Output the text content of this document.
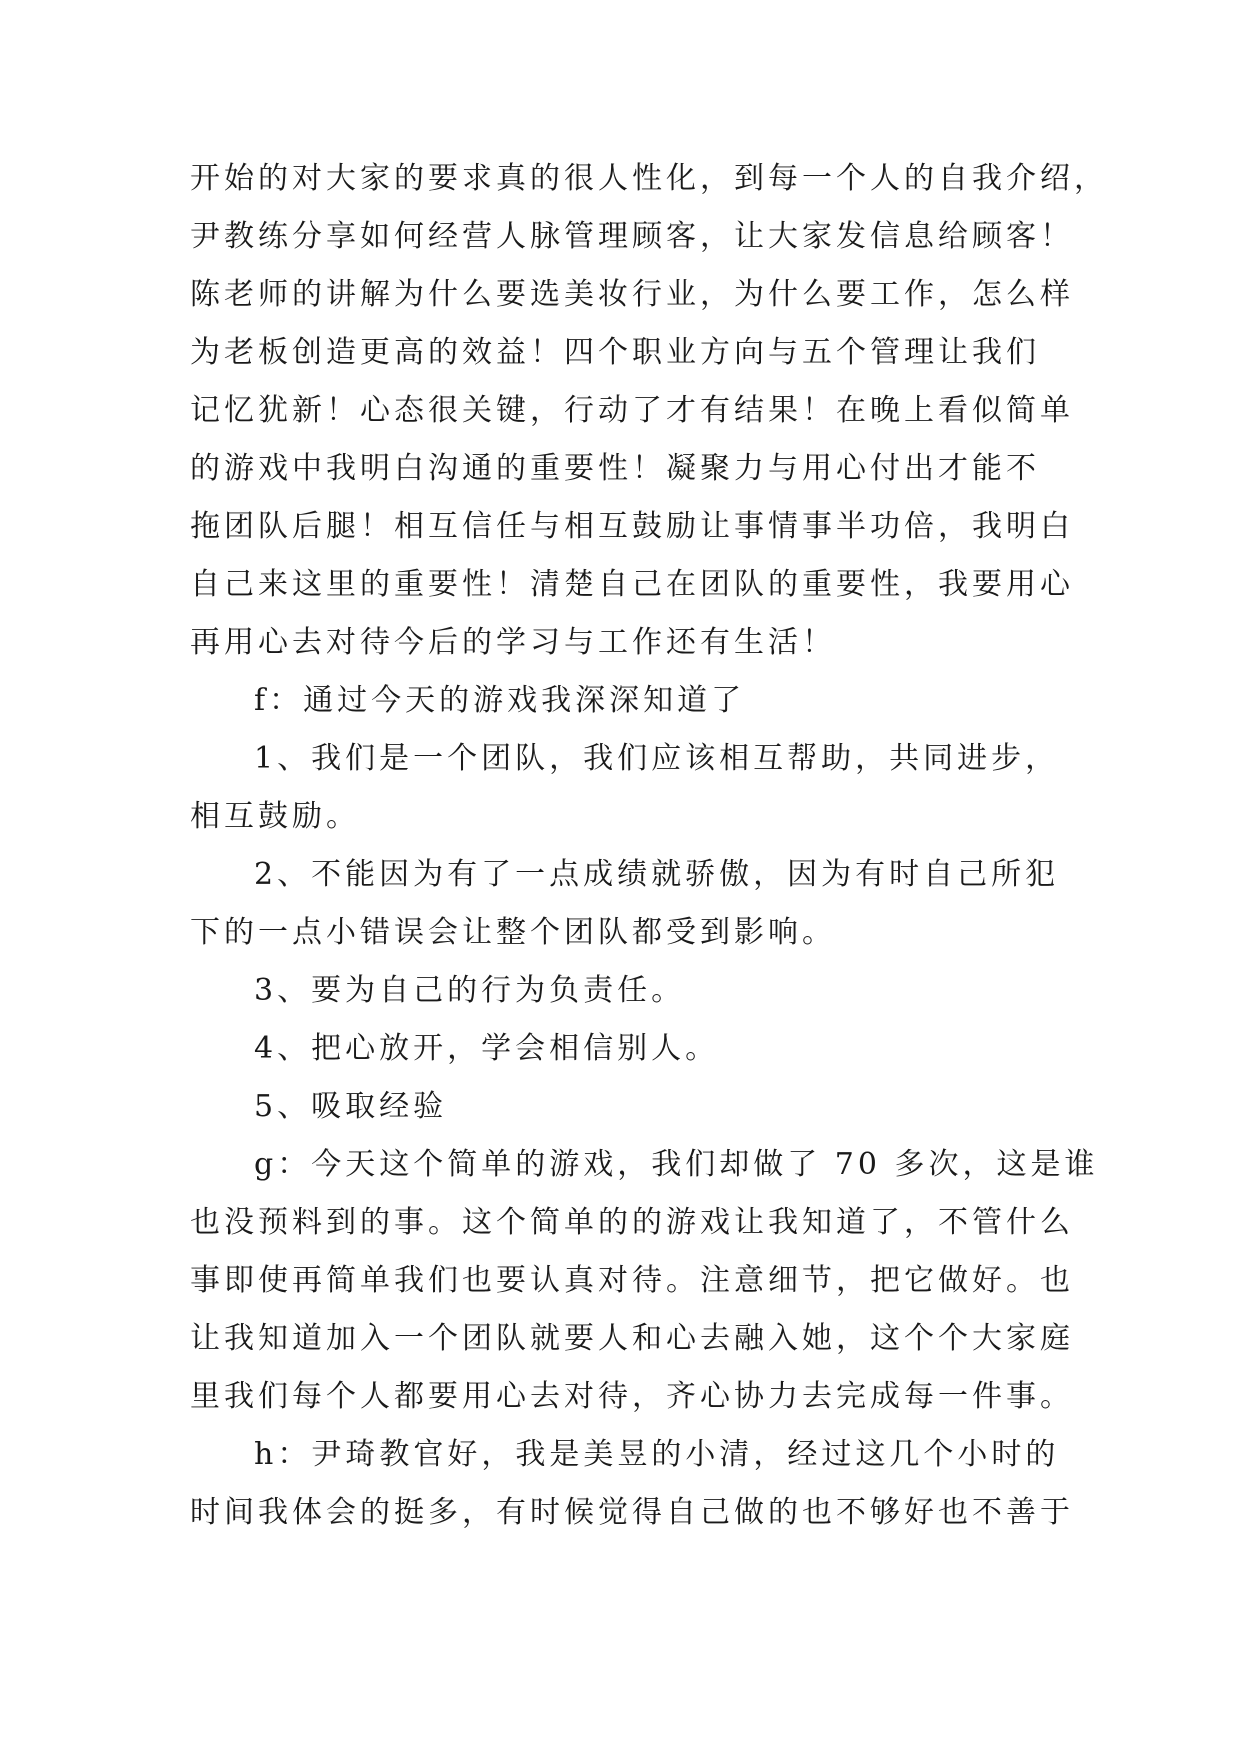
开始的对大家的要求真的很人性化，到每一个人的自我介绍，
尹教练分享如何经营人脉管理顾客，让大家发信息给顾客！
陈老师的讲解为什么要选美妆行业，为什么要工作，怎么样
为老板创造更高的效益！四个职业方向与五个管理让我们
记忆犹新！心态很关键，行动了才有结果！在晚上看似简单
的游戏中我明白沟通的重要性！凝聚力与用心付出才能不
拖团队后腿！相互信任与相互鼓励让事情事半功倍，我明白
自己来这里的重要性！清楚自己在团队的重要性，我要用心
再用心去对待今后的学习与工作还有生活！
f：通过今天的游戏我深深知道了
1、我们是一个团队，我们应该相互帮助，共同进步，
相互鼓励。
2、不能因为有了一点成绩就骄傲，因为有时自己所犯
下的一点小错误会让整个团队都受到影响。
3、要为自己的行为负责任。
4、把心放开，学会相信别人。
5、吸取经验
g：今天这个简单的游戏，我们却做了 70 多次，这是谁
也没预料到的事。这个简单的的游戏让我知道了，不管什么
事即使再简单我们也要认真对待。注意细节，把它做好。也
让我知道加入一个团队就要人和心去融入她，这个个大家庭
里我们每个人都要用心去对待，齐心协力去完成每一件事。
h：尹琦教官好，我是美昱的小清，经过这几个小时的
时间我体会的挺多，有时候觉得自己做的也不够好也不善于
